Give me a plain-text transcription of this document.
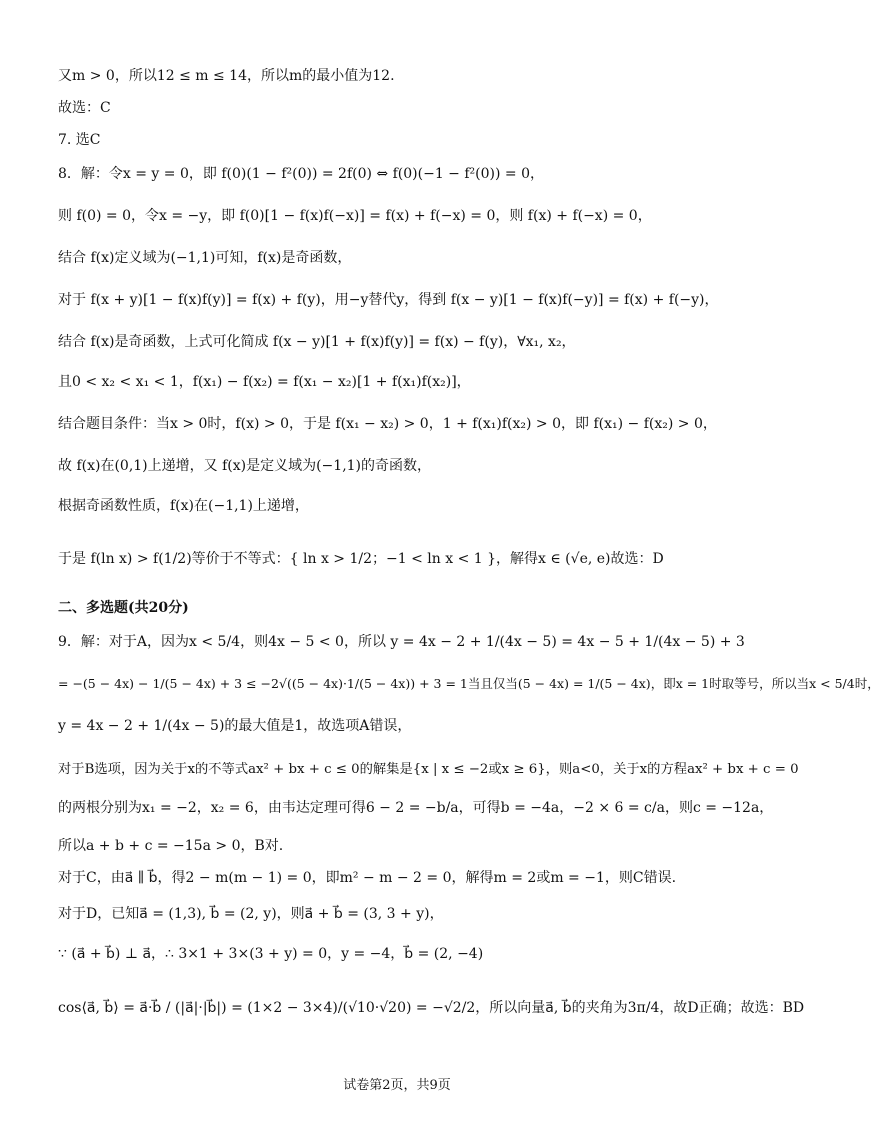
又m > 0，所以12 ≤ m ≤ 14，所以m的最小值为12.
故选：C
7. 选C
8．解：令x = y = 0，即 f(0)(1 − f²(0)) = 2f(0) ⇔ f(0)(−1 − f²(0)) = 0，
则 f(0) = 0，令x = −y，即 f(0)[1 − f(x)f(−x)] = f(x) + f(−x) = 0，则 f(x) + f(−x) = 0，
结合 f(x)定义域为(−1,1)可知，f(x)是奇函数，
对于 f(x + y)[1 − f(x)f(y)] = f(x) + f(y)，用−y替代y，得到 f(x − y)[1 − f(x)f(−y)] = f(x) + f(−y)，
结合 f(x)是奇函数，上式可化简成 f(x − y)[1 + f(x)f(y)] = f(x) − f(y)，∀x₁, x₂，
且0 < x₂ < x₁ < 1，f(x₁) − f(x₂) = f(x₁ − x₂)[1 + f(x₁)f(x₂)]，
结合题目条件：当x > 0时，f(x) > 0，于是 f(x₁ − x₂) > 0，1 + f(x₁)f(x₂) > 0，即 f(x₁) − f(x₂) > 0，
故 f(x)在(0,1)上递增，又 f(x)是定义域为(−1,1)的奇函数，
根据奇函数性质，f(x)在(−1,1)上递增，
于是 f(ln x) > f(1/2)等价于不等式：{ ln x > 1/2；−1 < ln x < 1 }，解得x ∈ (√e, e)故选：D
二、多选题(共20分)
9．解：对于A，因为x < 5/4，则4x − 5 < 0，所以 y = 4x − 2 + 1/(4x − 5) = 4x − 5 + 1/(4x − 5) + 3
= −(5 − 4x) − 1/(5 − 4x) + 3 ≤ −2√((5 − 4x)·1/(5 − 4x)) + 3 = 1当且仅当(5 − 4x) = 1/(5 − 4x)，即x = 1时取等号，所以当x < 5/4时，
y = 4x − 2 + 1/(4x − 5)的最大值是1，故选项A错误，
对于B选项，因为关于x的不等式ax² + bx + c ≤ 0的解集是{x | x ≤ −2或x ≥ 6}，则a<0，关于x的方程ax² + bx + c = 0
的两根分别为x₁ = −2，x₂ = 6，由韦达定理可得6 − 2 = −b/a，可得b = −4a，−2 × 6 = c/a，则c = −12a，
所以a + b + c = −15a > 0，B对.
对于C，由a⃗ ∥ b⃗，得2 − m(m − 1) = 0，即m² − m − 2 = 0，解得m = 2或m = −1，则C错误.
对于D，已知a⃗ = (1,3), b⃗ = (2, y)，则a⃗ + b⃗ = (3, 3 + y)，
∵ (a⃗ + b⃗) ⊥ a⃗，∴ 3×1 + 3×(3 + y) = 0，y = −4，b⃗ = (2, −4)
cos⟨a⃗, b⃗⟩ = a⃗·b⃗ / (|a⃗|·|b⃗|) = (1×2 − 3×4)/(√10·√20) = −√2/2，所以向量a⃗, b⃗的夹角为3π/4，故D正确；故选：BD
试卷第2页，共9页
